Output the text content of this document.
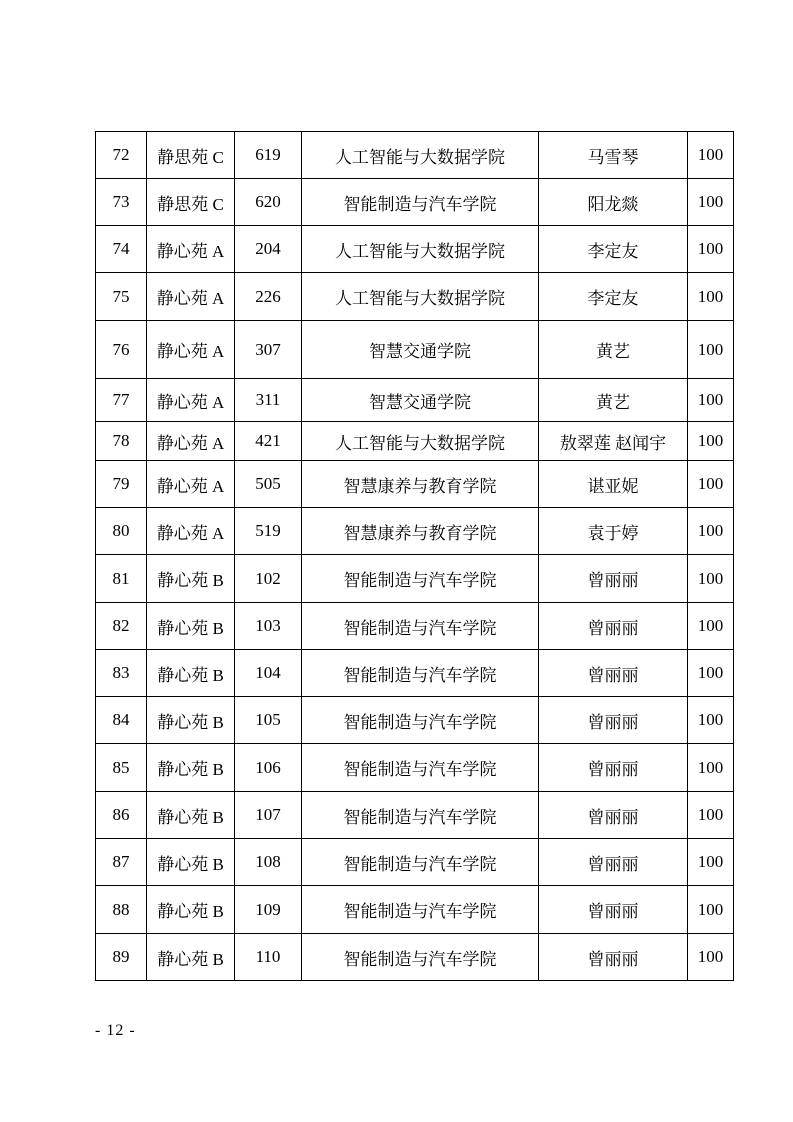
72	静思苑 C	619	人工智能与大数据学院	马雪琴	100
73	静思苑 C	620	智能制造与汽车学院	阳龙燚	100
74	静心苑 A	204	人工智能与大数据学院	李定友	100
75	静心苑 A	226	人工智能与大数据学院	李定友	100
76	静心苑 A	307	智慧交通学院	黄艺	100
77	静心苑 A	311	智慧交通学院	黄艺	100
78	静心苑 A	421	人工智能与大数据学院	敖翠莲 赵闻宇	100
79	静心苑 A	505	智慧康养与教育学院	谌亚妮	100
80	静心苑 A	519	智慧康养与教育学院	袁于婷	100
81	静心苑 B	102	智能制造与汽车学院	曾丽丽	100
82	静心苑 B	103	智能制造与汽车学院	曾丽丽	100
83	静心苑 B	104	智能制造与汽车学院	曾丽丽	100
84	静心苑 B	105	智能制造与汽车学院	曾丽丽	100
85	静心苑 B	106	智能制造与汽车学院	曾丽丽	100
86	静心苑 B	107	智能制造与汽车学院	曾丽丽	100
87	静心苑 B	108	智能制造与汽车学院	曾丽丽	100
88	静心苑 B	109	智能制造与汽车学院	曾丽丽	100
89	静心苑 B	110	智能制造与汽车学院	曾丽丽	100
- 12 -
